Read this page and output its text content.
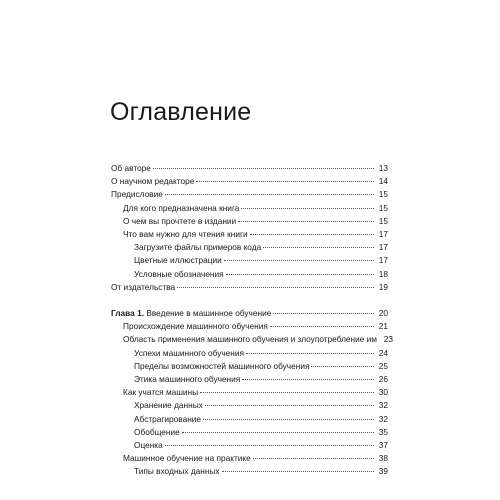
Оглавление
Об авторе	13
О научном редакторе	14
Предисловие	15
Для кого предназначена книга	15
О чем вы прочтете в издании	15
Что вам нужно для чтения книги	17
Загрузите файлы примеров кода	17
Цветные иллюстрации	17
Условные обозначения	18
От издательства	19
Глава 1. Введение в машинное обучение	20
Происхождение машинного обучения	21
Область применения машинного обучения и злоупотребление им 23
Успехи машинного обучения	24
Пределы возможностей машинного обучения	25
Этика машинного обучения	26
Как учатся машины	30
Хранение данных	32
Абстрагирование	32
Обобщение	35
Оценка	37
Машинное обучение на практике	38
Типы входных данных	39
